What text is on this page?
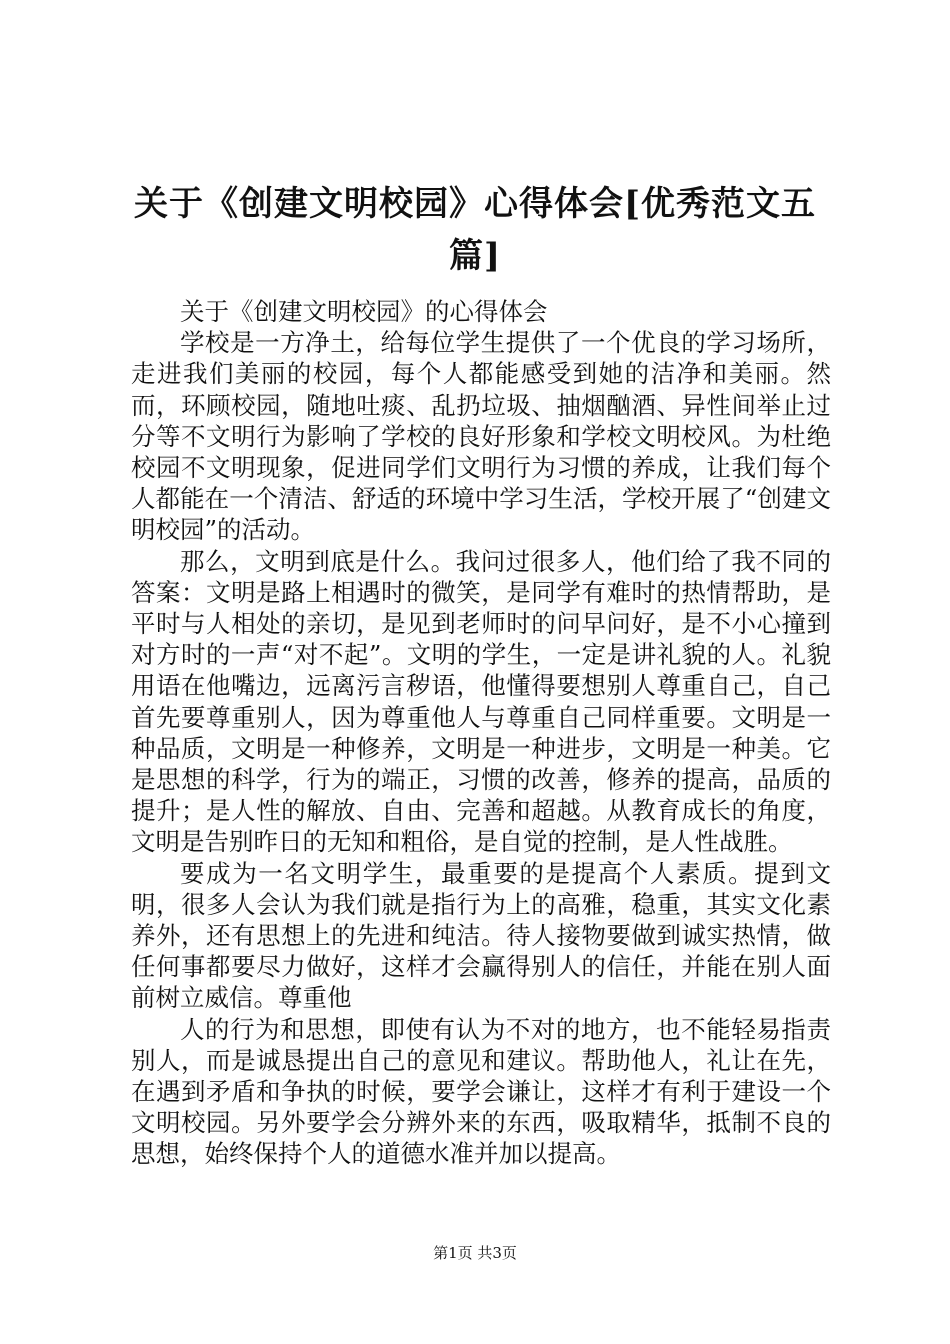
关于《创建文明校园》心得体会[优秀范文五篇]

关于《创建文明校园》的心得体会

学校是一方净土，给每位学生提供了一个优良的学习场所，走进我们美丽的校园，每个人都能感受到她的洁净和美丽。然而，环顾校园，随地吐痰、乱扔垃圾、抽烟酗酒、异性间举止过分等不文明行为影响了学校的良好形象和学校文明校风。为杜绝校园不文明现象，促进同学们文明行为习惯的养成，让我们每个人都能在一个清洁、舒适的环境中学习生活，学校开展了“创建文明校园”的活动。

那么，文明到底是什么。我问过很多人，他们给了我不同的答案：文明是路上相遇时的微笑，是同学有难时的热情帮助，是平时与人相处的亲切，是见到老师时的问早问好，是不小心撞到对方时的一声“对不起”。文明的学生，一定是讲礼貌的人。礼貌用语在他嘴边，远离污言秽语，他懂得要想别人尊重自己，自己首先要尊重别人，因为尊重他人与尊重自己同样重要。文明是一种品质，文明是一种修养，文明是一种进步，文明是一种美。它是思想的科学，行为的端正，习惯的改善，修养的提高，品质的提升；是人性的解放、自由、完善和超越。从教育成长的角度，文明是告别昨日的无知和粗俗，是自觉的控制，是人性战胜。

要成为一名文明学生，最重要的是提高个人素质。提到文明，很多人会认为我们就是指行为上的高雅，稳重，其实文化素养外，还有思想上的先进和纯洁。待人接物要做到诚实热情，做任何事都要尽力做好，这样才会赢得别人的信任，并能在别人面前树立威信。尊重他

人的行为和思想，即使有认为不对的地方，也不能轻易指责别人，而是诚恳提出自己的意见和建议。帮助他人，礼让在先，在遇到矛盾和争执的时候，要学会谦让，这样才有利于建设一个文明校园。另外要学会分辨外来的东西，吸取精华，抵制不良的思想，始终保持个人的道德水准并加以提高。

第1页 共3页
